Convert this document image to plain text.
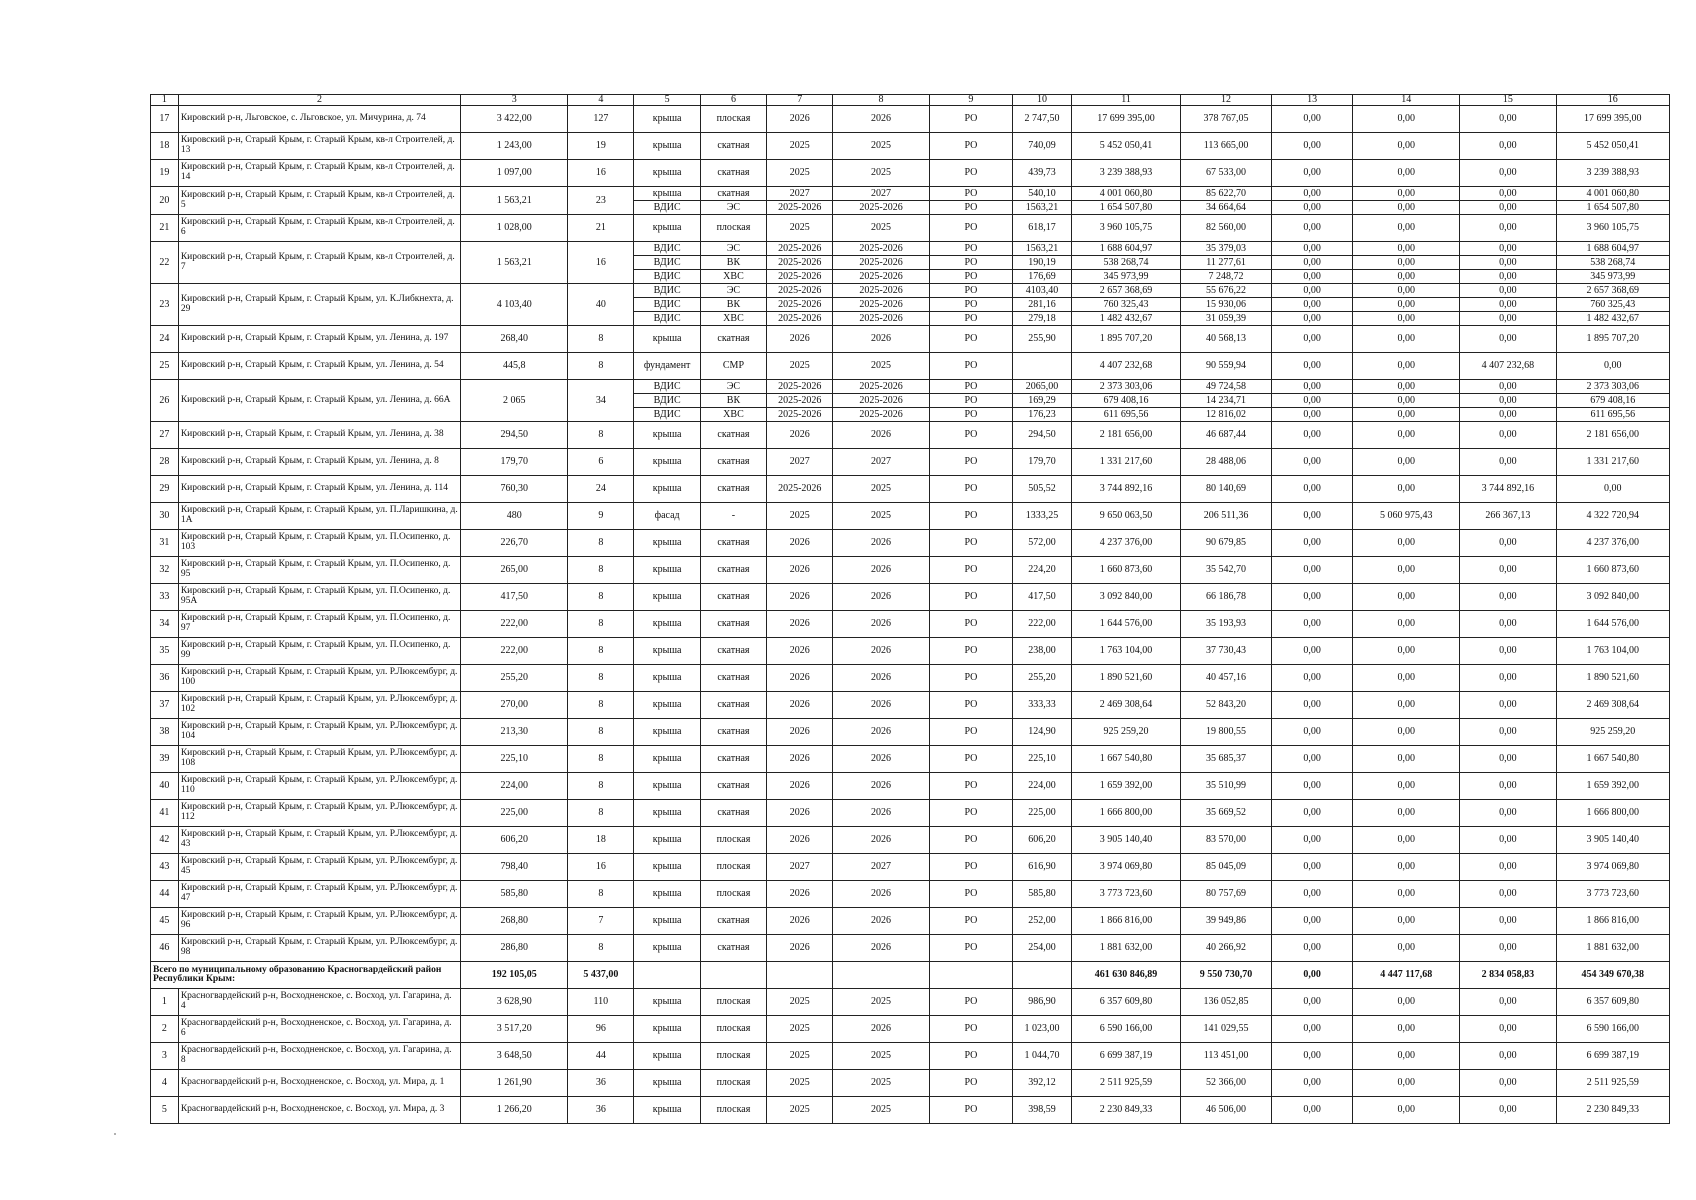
1	2	3	4	5	6	7	8	9	10	11	12	13	14	15	16
17	Кировский р-н, Льговское, с. Льговское, ул. Мичурина, д. 74	3 422,00	127	крыша	плоская	2026	2026	РО	2 747,50	17 699 395,00	378 767,05	0,00	0,00	0,00	17 699 395,00
18	Кировский р-н, Старый Крым, г. Старый Крым, кв-л Строителей, д. 13	1 243,00	19	крыша	скатная	2025	2025	РО	740,09	5 452 050,41	113 665,00	0,00	0,00	0,00	5 452 050,41
19	Кировский р-н, Старый Крым, г. Старый Крым, кв-л Строителей, д. 14	1 097,00	16	крыша	скатная	2025	2025	РО	439,73	3 239 388,93	67 533,00	0,00	0,00	0,00	3 239 388,93
20	Кировский р-н, Старый Крым, г. Старый Крым, кв-л Строителей, д. 5	1 563,21	23	крыша	скатная	2027	2027	РО	540,10	4 001 060,80	85 622,70	0,00	0,00	0,00	4 001 060,80
				ВДИС	ЭС	2025-2026	2025-2026	РО	1563,21	1 654 507,80	34 664,64	0,00	0,00	0,00	1 654 507,80
21	Кировский р-н, Старый Крым, г. Старый Крым, кв-л Строителей, д. 6	1 028,00	21	крыша	плоская	2025	2025	РО	618,17	3 960 105,75	82 560,00	0,00	0,00	0,00	3 960 105,75
22	Кировский р-н, Старый Крым, г. Старый Крым, кв-л Строителей, д. 7	1 563,21	16	ВДИС	ЭС	2025-2026	2025-2026	РО	1563,21	1 688 604,97	35 379,03	0,00	0,00	0,00	1 688 604,97
				ВДИС	ВК	2025-2026	2025-2026	РО	190,19	538 268,74	11 277,61	0,00	0,00	0,00	538 268,74
				ВДИС	ХВС	2025-2026	2025-2026	РО	176,69	345 973,99	7 248,72	0,00	0,00	0,00	345 973,99
23	Кировский р-н, Старый Крым, г. Старый Крым, ул. К.Либкнехта, д. 29	4 103,40	40	ВДИС	ЭС	2025-2026	2025-2026	РО	4103,40	2 657 368,69	55 676,22	0,00	0,00	0,00	2 657 368,69
				ВДИС	ВК	2025-2026	2025-2026	РО	281,16	760 325,43	15 930,06	0,00	0,00	0,00	760 325,43
				ВДИС	ХВС	2025-2026	2025-2026	РО	279,18	1 482 432,67	31 059,39	0,00	0,00	0,00	1 482 432,67
24	Кировский р-н, Старый Крым, г. Старый Крым, ул. Ленина, д. 197	268,40	8	крыша	скатная	2026	2026	РО	255,90	1 895 707,20	40 568,13	0,00	0,00	0,00	1 895 707,20
25	Кировский р-н, Старый Крым, г. Старый Крым, ул. Ленина, д. 54	445,8	8	фундамент	СМР	2025	2025	РО		4 407 232,68	90 559,94	0,00	0,00	4 407 232,68	0,00
26	Кировский р-н, Старый Крым, г. Старый Крым, ул. Ленина, д. 66А	2 065	34	ВДИС	ЭС	2025-2026	2025-2026	РО	2065,00	2 373 303,06	49 724,58	0,00	0,00	0,00	2 373 303,06
				ВДИС	ВК	2025-2026	2025-2026	РО	169,29	679 408,16	14 234,71	0,00	0,00	0,00	679 408,16
				ВДИС	ХВС	2025-2026	2025-2026	РО	176,23	611 695,56	12 816,02	0,00	0,00	0,00	611 695,56
27	Кировский р-н, Старый Крым, г. Старый Крым, ул. Ленина, д. 38	294,50	8	крыша	скатная	2026	2026	РО	294,50	2 181 656,00	46 687,44	0,00	0,00	0,00	2 181 656,00
28	Кировский р-н, Старый Крым, г. Старый Крым, ул. Ленина, д. 8	179,70	6	крыша	скатная	2027	2027	РО	179,70	1 331 217,60	28 488,06	0,00	0,00	0,00	1 331 217,60
29	Кировский р-н, Старый Крым, г. Старый Крым, ул. Ленина, д. 114	760,30	24	крыша	скатная	2025-2026	2025	РО	505,52	3 744 892,16	80 140,69	0,00	0,00	3 744 892,16	0,00
30	Кировский р-н, Старый Крым, г. Старый Крым, ул. П.Ларишкина, д. 1А	480	9	фасад	-	2025	2025	РО	1333,25	9 650 063,50	206 511,36	0,00	5 060 975,43	266 367,13	4 322 720,94
31	Кировский р-н, Старый Крым, г. Старый Крым, ул. П.Осипенко, д. 103	226,70	8	крыша	скатная	2026	2026	РО	572,00	4 237 376,00	90 679,85	0,00	0,00	0,00	4 237 376,00
32	Кировский р-н, Старый Крым, г. Старый Крым, ул. П.Осипенко, д. 95	265,00	8	крыша	скатная	2026	2026	РО	224,20	1 660 873,60	35 542,70	0,00	0,00	0,00	1 660 873,60
33	Кировский р-н, Старый Крым, г. Старый Крым, ул. П.Осипенко, д. 95А	417,50	8	крыша	скатная	2026	2026	РО	417,50	3 092 840,00	66 186,78	0,00	0,00	0,00	3 092 840,00
34	Кировский р-н, Старый Крым, г. Старый Крым, ул. П.Осипенко, д. 97	222,00	8	крыша	скатная	2026	2026	РО	222,00	1 644 576,00	35 193,93	0,00	0,00	0,00	1 644 576,00
35	Кировский р-н, Старый Крым, г. Старый Крым, ул. П.Осипенко, д. 99	222,00	8	крыша	скатная	2026	2026	РО	238,00	1 763 104,00	37 730,43	0,00	0,00	0,00	1 763 104,00
36	Кировский р-н, Старый Крым, г. Старый Крым, ул. Р.Люксембург, д. 100	255,20	8	крыша	скатная	2026	2026	РО	255,20	1 890 521,60	40 457,16	0,00	0,00	0,00	1 890 521,60
37	Кировский р-н, Старый Крым, г. Старый Крым, ул. Р.Люксембург, д. 102	270,00	8	крыша	скатная	2026	2026	РО	333,33	2 469 308,64	52 843,20	0,00	0,00	0,00	2 469 308,64
38	Кировский р-н, Старый Крым, г. Старый Крым, ул. Р.Люксембург, д. 104	213,30	8	крыша	скатная	2026	2026	РО	124,90	925 259,20	19 800,55	0,00	0,00	0,00	925 259,20
39	Кировский р-н, Старый Крым, г. Старый Крым, ул. Р.Люксембург, д. 108	225,10	8	крыша	скатная	2026	2026	РО	225,10	1 667 540,80	35 685,37	0,00	0,00	0,00	1 667 540,80
40	Кировский р-н, Старый Крым, г. Старый Крым, ул. Р.Люксембург, д. 110	224,00	8	крыша	скатная	2026	2026	РО	224,00	1 659 392,00	35 510,99	0,00	0,00	0,00	1 659 392,00
41	Кировский р-н, Старый Крым, г. Старый Крым, ул. Р.Люксембург, д. 112	225,00	8	крыша	скатная	2026	2026	РО	225,00	1 666 800,00	35 669,52	0,00	0,00	0,00	1 666 800,00
42	Кировский р-н, Старый Крым, г. Старый Крым, ул. Р.Люксембург, д. 43	606,20	18	крыша	плоская	2026	2026	РО	606,20	3 905 140,40	83 570,00	0,00	0,00	0,00	3 905 140,40
43	Кировский р-н, Старый Крым, г. Старый Крым, ул. Р.Люксембург, д. 45	798,40	16	крыша	плоская	2027	2027	РО	616,90	3 974 069,80	85 045,09	0,00	0,00	0,00	3 974 069,80
44	Кировский р-н, Старый Крым, г. Старый Крым, ул. Р.Люксембург, д. 47	585,80	8	крыша	плоская	2026	2026	РО	585,80	3 773 723,60	80 757,69	0,00	0,00	0,00	3 773 723,60
45	Кировский р-н, Старый Крым, г. Старый Крым, ул. Р.Люксембург, д. 96	268,80	7	крыша	скатная	2026	2026	РО	252,00	1 866 816,00	39 949,86	0,00	0,00	0,00	1 866 816,00
46	Кировский р-н, Старый Крым, г. Старый Крым, ул. Р.Люксембург, д. 98	286,80	8	крыша	скатная	2026	2026	РО	254,00	1 881 632,00	40 266,92	0,00	0,00	0,00	1 881 632,00
Всего по муниципальному образованию Красногвардейский район Республики Крым:		192 105,05	5 437,00							461 630 846,89	9 550 730,70	0,00	4 447 117,68	2 834 058,83	454 349 670,38
1	Красногвардейский р-н, Восходненское, с. Восход, ул. Гагарина, д. 4	3 628,90	110	крыша	плоская	2025	2025	РО	986,90	6 357 609,80	136 052,85	0,00	0,00	0,00	6 357 609,80
2	Красногвардейский р-н, Восходненское, с. Восход, ул. Гагарина, д. 6	3 517,20	96	крыша	плоская	2025	2026	РО	1 023,00	6 590 166,00	141 029,55	0,00	0,00	0,00	6 590 166,00
3	Красногвардейский р-н, Восходненское, с. Восход, ул. Гагарина, д. 8	3 648,50	44	крыша	плоская	2025	2025	РО	1 044,70	6 699 387,19	113 451,00	0,00	0,00	0,00	6 699 387,19
4	Красногвардейский р-н, Восходненское, с. Восход, ул. Мира, д. 1	1 261,90	36	крыша	плоская	2025	2025	РО	392,12	2 511 925,59	52 366,00	0,00	0,00	0,00	2 511 925,59
5	Красногвардейский р-н, Восходненское, с. Восход, ул. Мира, д. 3	1 266,20	36	крыша	плоская	2025	2025	РО	398,59	2 230 849,33	46 506,00	0,00	0,00	0,00	2 230 849,33
